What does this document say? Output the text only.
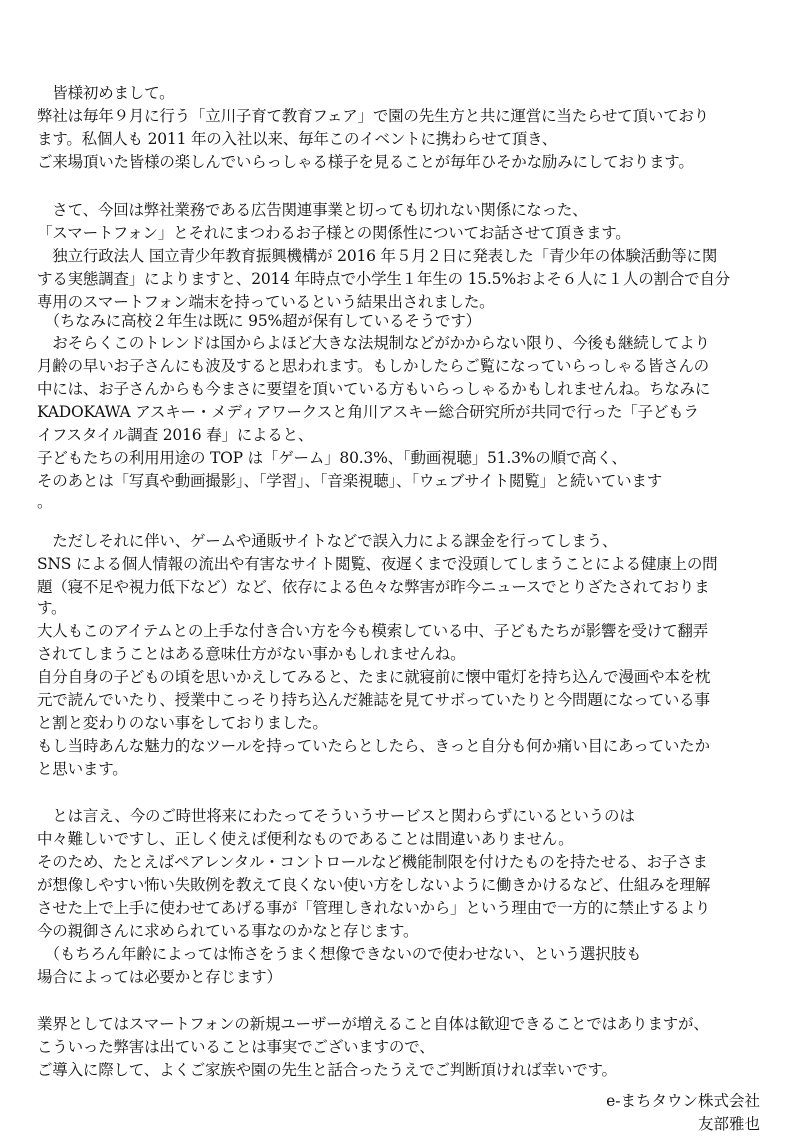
　皆様初めまして。
弊社は毎年９月に行う「立川子育て教育フェア」で園の先生方と共に運営に当たらせて頂いており
ます。私個人も 2011 年の入社以来、毎年このイベントに携わらせて頂き、
ご来場頂いた皆様の楽しんでいらっしゃる様子を見ることが毎年ひそかな励みにしております。
　さて、今回は弊社業務である広告関連事業と切っても切れない関係になった、
「スマートフォン」とそれにまつわるお子様との関係性についてお話させて頂きます。
　独立行政法人 国立青少年教育振興機構が 2016 年５月２日に発表した「青少年の体験活動等に関
する実態調査」によりますと、2014 年時点で小学生１年生の 15.5%およそ６人に１人の割合で自分
専用のスマートフォン端末を持っているという結果出されました。
　（ちなみに高校２年生は既に 95%超が保有しているそうです）
　おそらくこのトレンドは国からよほど大きな法規制などがかからない限り、今後も継続してより
月齢の早いお子さんにも波及すると思われます。もしかしたらご覧になっていらっしゃる皆さんの
中には、お子さんからも今まさに要望を頂いている方もいらっしゃるかもしれませんね。ちなみに
KADOKAWA アスキー・メディアワークスと角川アスキー総合研究所が共同で行った「子どもラ
イフスタイル調査 2016 春」によると、
子どもたちの利用用途の TOP は「ゲーム」80.3%、「動画視聴」51.3%の順で高く、
そのあとは「写真や動画撮影」、「学習」、「音楽視聴」、「ウェブサイト閲覧」と続いています
。
　ただしそれに伴い、ゲームや通販サイトなどで誤入力による課金を行ってしまう、
SNS による個人情報の流出や有害なサイト閲覧、夜遅くまで没頭してしまうことによる健康上の問
題（寝不足や視力低下など）など、依存による色々な弊害が昨今ニュースでとりざたされておりま
す。
大人もこのアイテムとの上手な付き合い方を今も模索している中、子どもたちが影響を受けて翻弄
されてしまうことはある意味仕方がない事かもしれませんね。
自分自身の子どもの頃を思いかえしてみると、たまに就寝前に懐中電灯を持ち込んで漫画や本を枕
元で読んでいたり、授業中こっそり持ち込んだ雑誌を見てサボっていたりと今問題になっている事
と割と変わりのない事をしておりました。
もし当時あんな魅力的なツールを持っていたらとしたら、きっと自分も何か痛い目にあっていたか
と思います。
　とは言え、今のご時世将来にわたってそういうサービスと関わらずにいるというのは
中々難しいですし、正しく使えば便利なものであることは間違いありません。
そのため、たとえばペアレンタル・コントロールなど機能制限を付けたものを持たせる、お子さま
が想像しやすい怖い失敗例を教えて良くない使い方をしないように働きかけるなど、仕組みを理解
させた上で上手に使わせてあげる事が「管理しきれないから」という理由で一方的に禁止するより
今の親御さんに求められている事なのかなと存じます。
　（もちろん年齢によっては怖さをうまく想像できないので使わせない、という選択肢も
場合によっては必要かと存じます）
業界としてはスマートフォンの新規ユーザーが増えること自体は歓迎できることではありますが、
こういった弊害は出ていることは事実でございますので、
ご導入に際して、よくご家族や園の先生と話合ったうえでご判断頂ければ幸いです。
e-まちタウン株式会社
友部雅也
